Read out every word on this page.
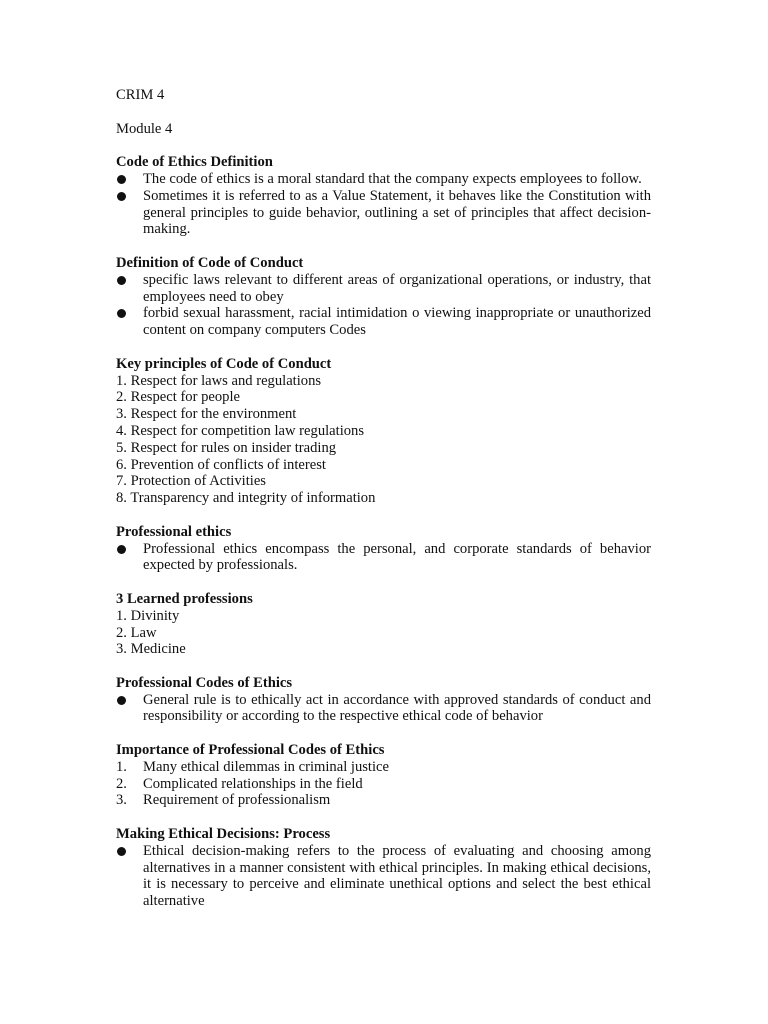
CRIM 4

Module 4

Code of Ethics Definition

The code of ethics is a moral standard that the company expects employees to follow.
Sometimes it is referred to as a Value Statement, it behaves like the Constitution with general principles to guide behavior, outlining a set of principles that affect decision-making.

Definition of Code of Conduct

specific laws relevant to different areas of organizational operations, or industry, that employees need to obey
forbid sexual harassment, racial intimidation o viewing inappropriate or unauthorized content on company computers Codes

Key principles of Code of Conduct

1. Respect for laws and regulations
2. Respect for people
3. Respect for the environment
4. Respect for competition law regulations
5. Respect for rules on insider trading
6. Prevention of conflicts of interest
7. Protection of Activities
8. Transparency and integrity of information

Professional ethics

Professional ethics encompass the personal, and corporate standards of behavior expected by professionals.

3 Learned professions

1. Divinity
2. Law
3. Medicine

Professional Codes of Ethics

General rule is to ethically act in accordance with approved standards of conduct and responsibility or according to the respective ethical code of behavior

Importance of Professional Codes of Ethics

1. Many ethical dilemmas in criminal justice
2. Complicated relationships in the field
3. Requirement of professionalism

Making Ethical Decisions: Process

Ethical decision-making refers to the process of evaluating and choosing among alternatives in a manner consistent with ethical principles. In making ethical decisions, it is necessary to perceive and eliminate unethical options and select the best ethical alternative
